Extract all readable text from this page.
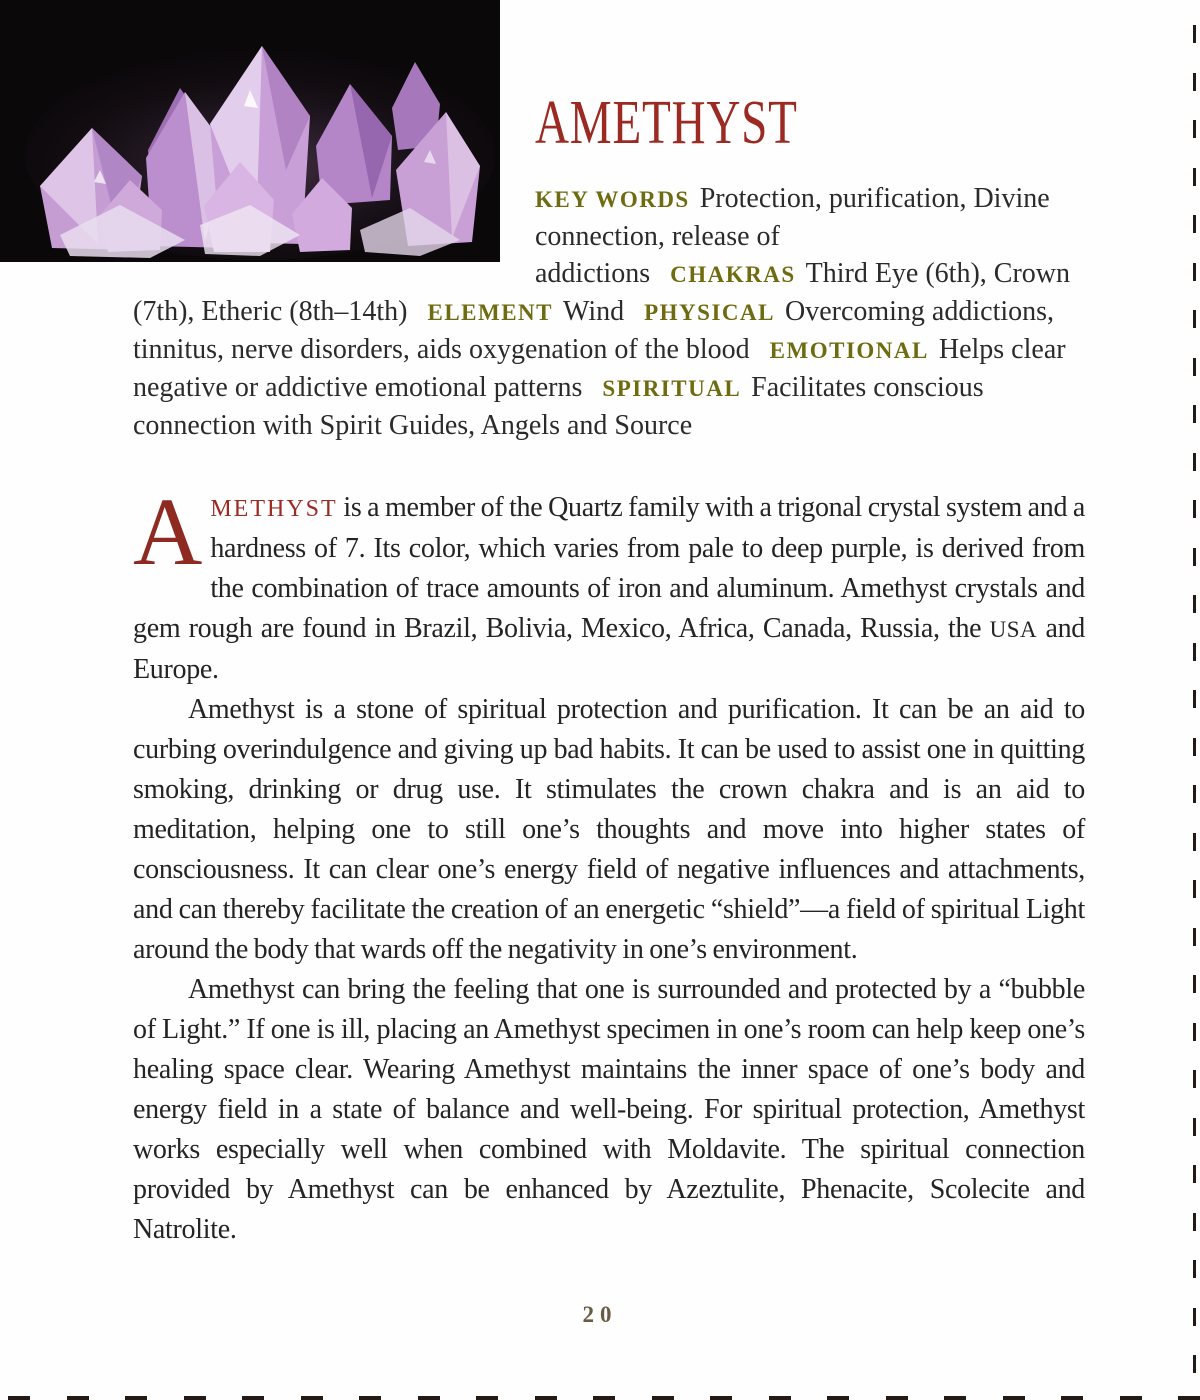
AMETHYST

KEY WORDS Protection, purification, Divine connection, release of addictions CHAKRAS Third Eye (6th), Crown (7th), Etheric (8th–14th) ELEMENT Wind PHYSICAL Overcoming addictions, tinnitus, nerve disorders, aids oxygenation of the blood EMOTIONAL Helps clear negative or addictive emotional patterns SPIRITUAL Facilitates conscious connection with Spirit Guides, Angels and Source

AMETHYST is a member of the Quartz family with a trigonal crystal system and a hardness of 7. Its color, which varies from pale to deep purple, is derived from the combination of trace amounts of iron and aluminum. Amethyst crystals and gem rough are found in Brazil, Bolivia, Mexico, Africa, Canada, Russia, the USA and Europe.

Amethyst is a stone of spiritual protection and purification. It can be an aid to curbing overindulgence and giving up bad habits. It can be used to assist one in quitting smoking, drinking or drug use. It stimulates the crown chakra and is an aid to meditation, helping one to still one’s thoughts and move into higher states of consciousness. It can clear one’s energy field of negative influences and attachments, and can thereby facilitate the creation of an energetic “shield”—a field of spiritual Light around the body that wards off the negativity in one’s environment.

Amethyst can bring the feeling that one is surrounded and protected by a “bubble of Light.” If one is ill, placing an Amethyst specimen in one’s room can help keep one’s healing space clear. Wearing Amethyst maintains the inner space of one’s body and energy field in a state of balance and well-being. For spiritual protection, Amethyst works especially well when combined with Moldavite. The spiritual connection provided by Amethyst can be enhanced by Azeztulite, Phenacite, Scolecite and Natrolite.

20
